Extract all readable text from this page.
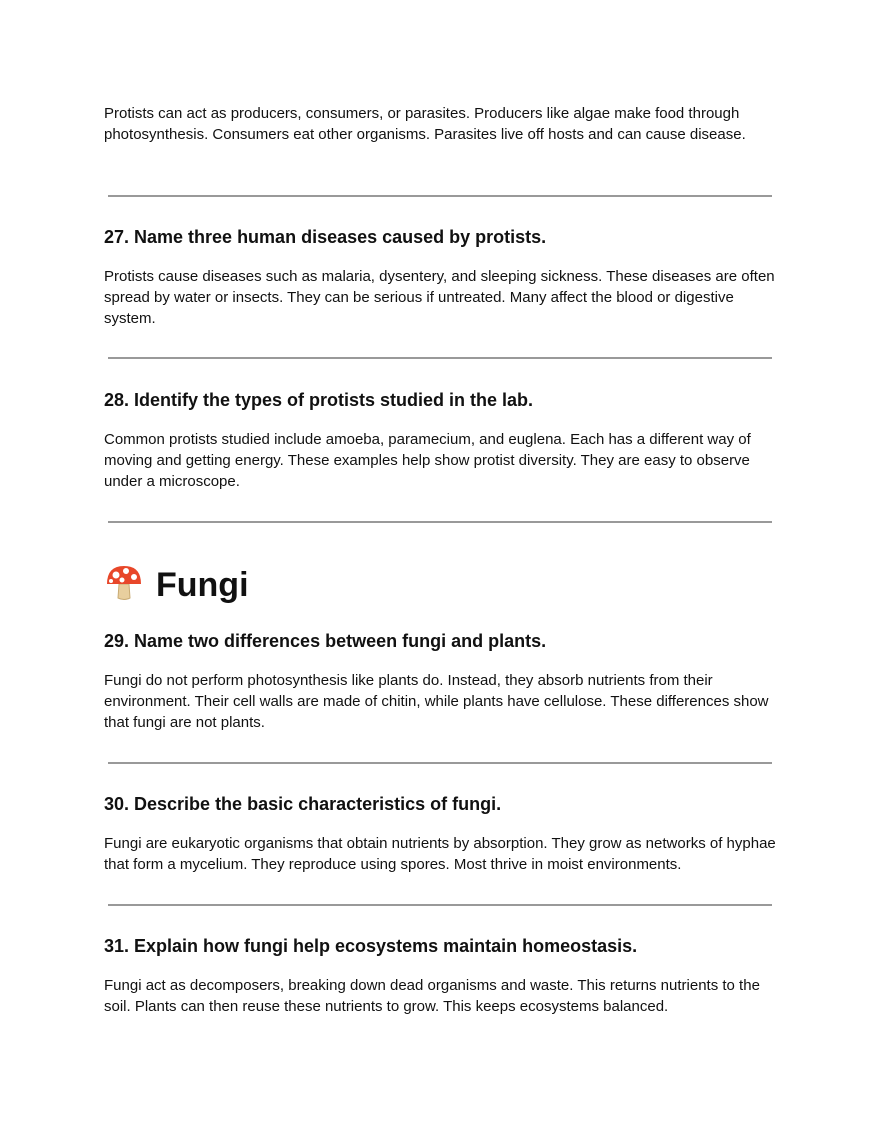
Protists can act as producers, consumers, or parasites. Producers like algae make food through photosynthesis. Consumers eat other organisms. Parasites live off hosts and can cause disease.

27. Name three human diseases caused by protists.

Protists cause diseases such as malaria, dysentery, and sleeping sickness. These diseases are often spread by water or insects. They can be serious if untreated. Many affect the blood or digestive system.

28. Identify the types of protists studied in the lab.

Common protists studied include amoeba, paramecium, and euglena. Each has a different way of moving and getting energy. These examples help show protist diversity. They are easy to observe under a microscope.

Fungi
29. Name two differences between fungi and plants.

Fungi do not perform photosynthesis like plants do. Instead, they absorb nutrients from their environment. Their cell walls are made of chitin, while plants have cellulose. These differences show that fungi are not plants.

30. Describe the basic characteristics of fungi.

Fungi are eukaryotic organisms that obtain nutrients by absorption. They grow as networks of hyphae that form a mycelium. They reproduce using spores. Most thrive in moist environments.

31. Explain how fungi help ecosystems maintain homeostasis.

Fungi act as decomposers, breaking down dead organisms and waste. This returns nutrients to the soil. Plants can then reuse these nutrients to grow. This keeps ecosystems balanced.
